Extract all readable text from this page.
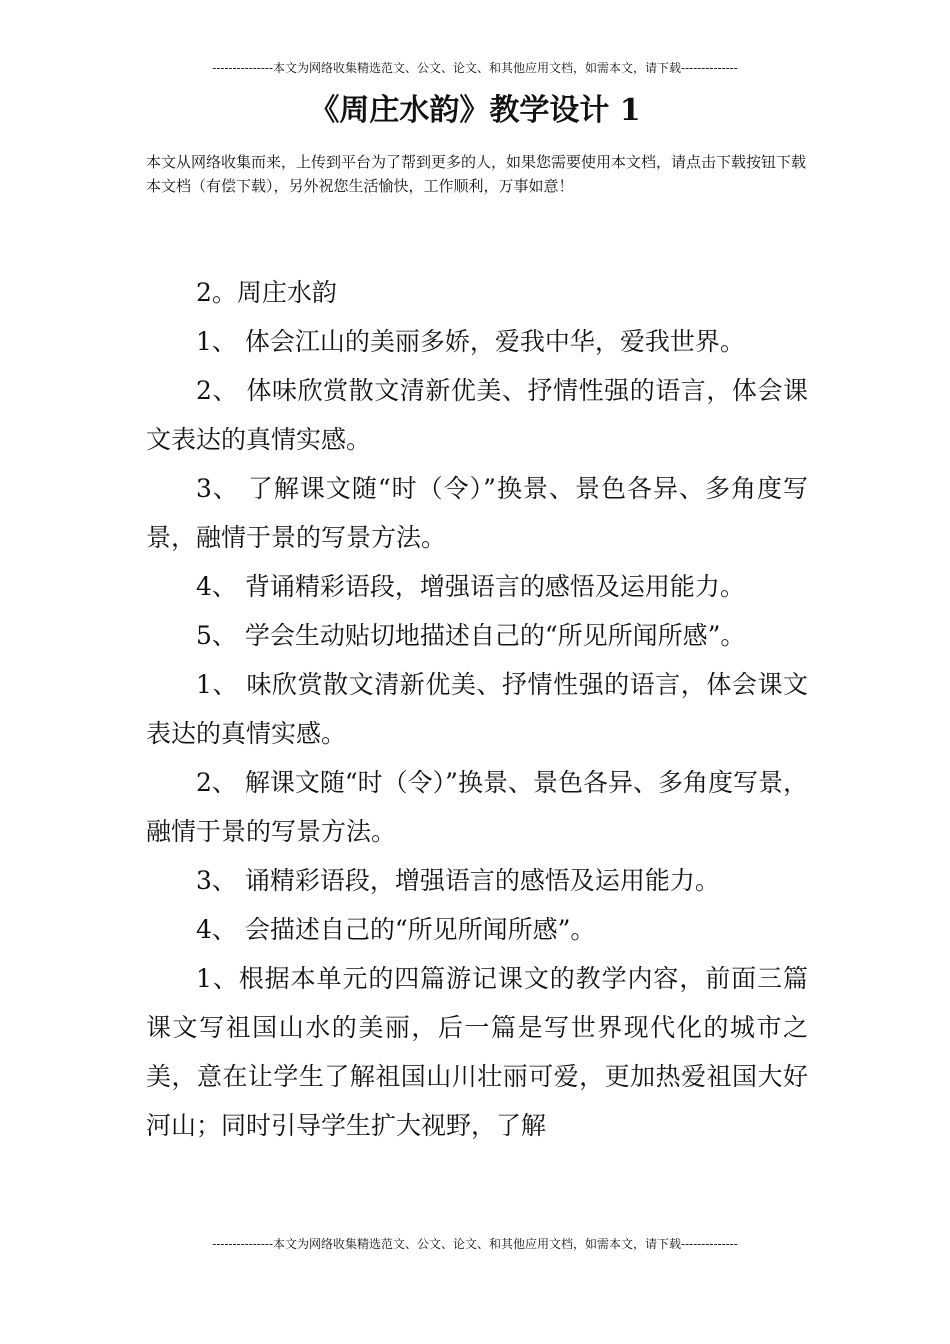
---------------本文为网络收集精选范文、公文、论文、和其他应用文档，如需本文，请下载--------------
《周庄水韵》教学设计 1

本文从网络收集而来，上传到平台为了帮到更多的人，如果您需要使用本文档，请点击下载按钮下载本文档（有偿下载），另外祝您生活愉快，工作顺利，万事如意！

2。周庄水韵

1、 体会江山的美丽多娇，爱我中华，爱我世界。

2、 体味欣赏散文清新优美、抒情性强的语言，体会课文表达的真情实感。

3、 了解课文随“时（令）”换景、景色各异、多角度写景，融情于景的写景方法。

4、 背诵精彩语段，增强语言的感悟及运用能力。

5、 学会生动贴切地描述自己的“所见所闻所感”。

1、 味欣赏散文清新优美、抒情性强的语言，体会课文表达的真情实感。

2、 解课文随“时（令）”换景、景色各异、多角度写景，融情于景的写景方法。

3、 诵精彩语段，增强语言的感悟及运用能力。

4、 会描述自己的“所见所闻所感”。

1、根据本单元的四篇游记课文的教学内容，前面三篇课文写祖国山水的美丽，后一篇是写世界现代化的城市之美，意在让学生了解祖国山川壮丽可爱，更加热爱祖国大好河山；同时引导学生扩大视野，了解

---------------本文为网络收集精选范文、公文、论文、和其他应用文档，如需本文，请下载--------------
